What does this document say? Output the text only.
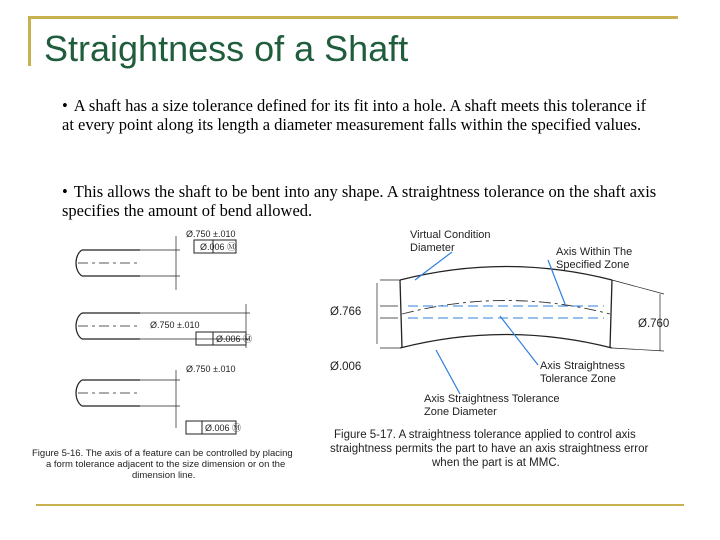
Straightness of a Shaft
• A shaft has a size tolerance defined for its fit into a hole. A shaft meets this tolerance if at every point along its length a diameter measurement falls within the specified values.
• This allows the shaft to be bent into any shape. A straightness tolerance on the shaft axis specifies the amount of bend allowed.
Ø.750 ±.010
Ø.006 Ⓜ
Ø.750 ±.010
Ø.006 Ⓜ
Ø.750 ±.010
Ø.006 Ⓜ
Figure 5-16. The axis of a feature can be controlled by placing
a form tolerance adjacent to the size dimension or on the
dimension line.
Virtual Condition
Diameter	Axis Within The
Specified Zone
Ø.766
Ø.760
Ø.006	Axis Straightness
Tolerance Zone
Axis Straightness Tolerance
Zone Diameter
Figure 5-17. A straightness tolerance applied to control axis
straightness permits the part to have an axis straightness error
when the part is at MMC.
